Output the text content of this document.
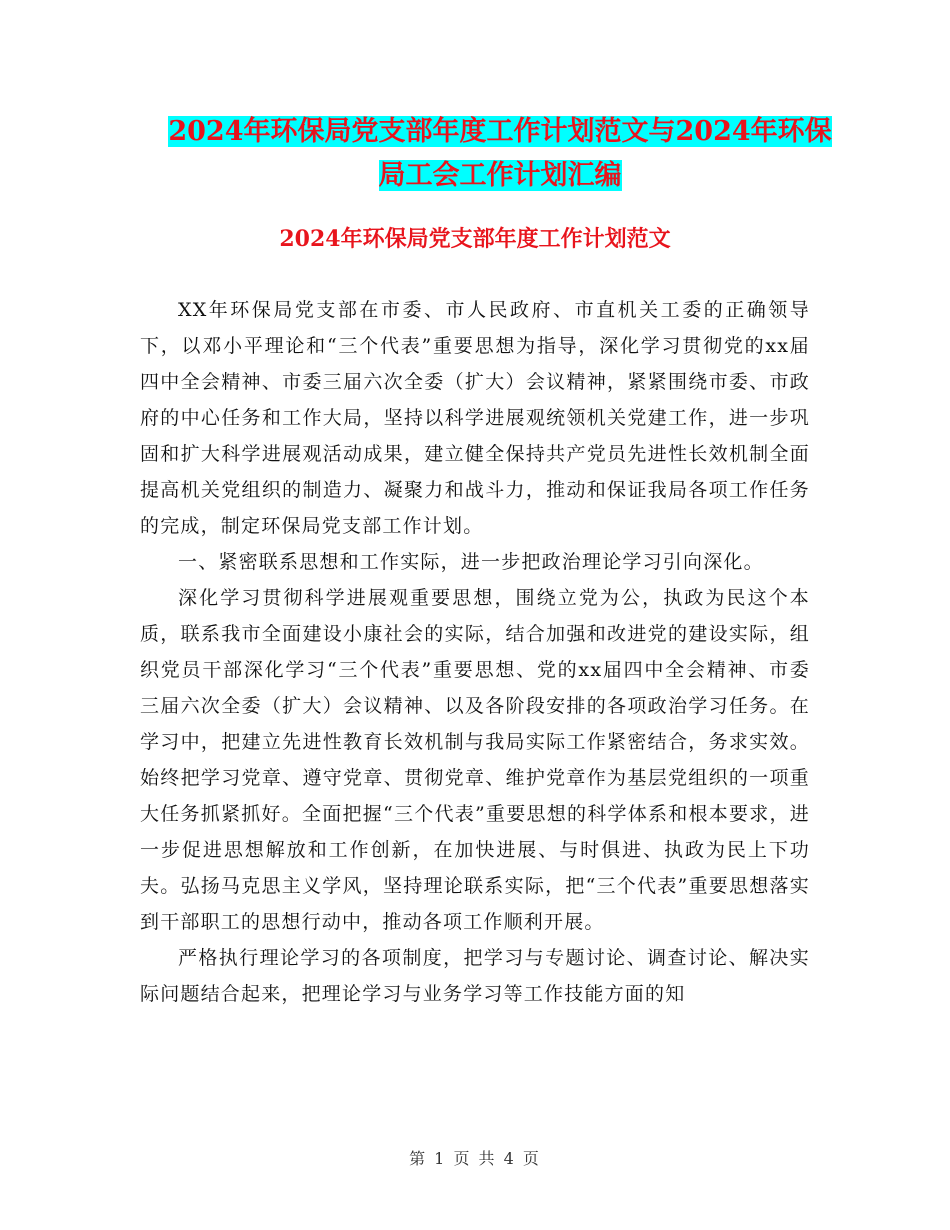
2024年环保局党支部年度工作计划范文与2024年环保
局工会工作计划汇编
2024年环保局党支部年度工作计划范文

XX年环保局党支部在市委、市人民政府、市直机关工委的正确领导下，以邓小平理论和“三个代表”重要思想为指导，深化学习贯彻党的xx届四中全会精神、市委三届六次全委（扩大）会议精神，紧紧围绕市委、市政府的中心任务和工作大局，坚持以科学进展观统领机关党建工作，进一步巩固和扩大科学进展观活动成果，建立健全保持共产党员先进性长效机制全面提高机关党组织的制造力、凝聚力和战斗力，推动和保证我局各项工作任务的完成，制定环保局党支部工作计划。

一、紧密联系思想和工作实际，进一步把政治理论学习引向深化。

深化学习贯彻科学进展观重要思想，围绕立党为公，执政为民这个本质，联系我市全面建设小康社会的实际，结合加强和改进党的建设实际，组织党员干部深化学习“三个代表”重要思想、党的xx届四中全会精神、市委三届六次全委（扩大）会议精神、以及各阶段安排的各项政治学习任务。在学习中，把建立先进性教育长效机制与我局实际工作紧密结合，务求实效。始终把学习党章、遵守党章、贯彻党章、维护党章作为基层党组织的一项重大任务抓紧抓好。全面把握“三个代表”重要思想的科学体系和根本要求，进一步促进思想解放和工作创新，在加快进展、与时俱进、执政为民上下功夫。弘扬马克思主义学风，坚持理论联系实际，把“三个代表”重要思想落实到干部职工的思想行动中，推动各项工作顺利开展。

严格执行理论学习的各项制度，把学习与专题讨论、调查讨论、解决实际问题结合起来，把理论学习与业务学习等工作技能方面的知

第 1 页 共 4 页
